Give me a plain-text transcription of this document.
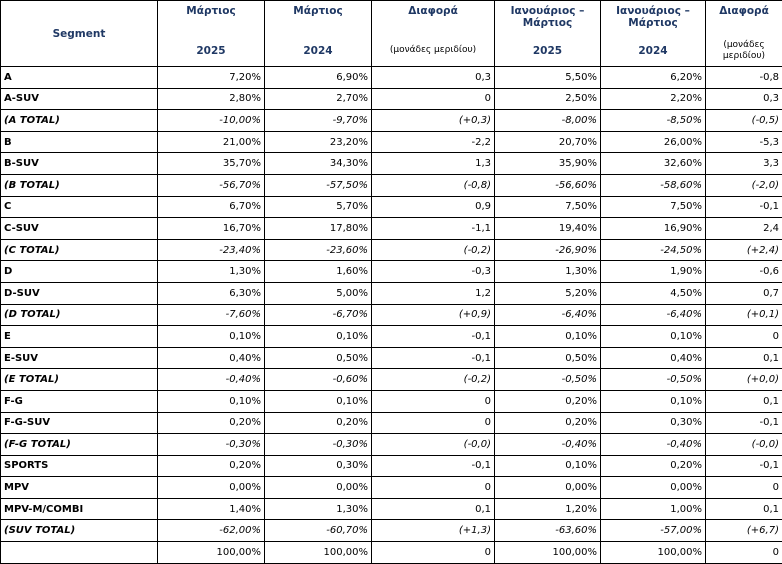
Segment	Μάρτιος	Μάρτιος	Διαφορά	Ιανουάριος – Μάρτιος	Ιανουάριος – Μάρτιος	Διαφορά
	2025	2024	(μονάδες μεριδίου)	2025	2024	(μονάδες μεριδίου)
A	7,20%	6,90%	0,3	5,50%	6,20%	-0,8
A-SUV	2,80%	2,70%	0	2,50%	2,20%	0,3
(A TOTAL)	-10,00%	-9,70%	(+0,3)	-8,00%	-8,50%	(-0,5)
B	21,00%	23,20%	-2,2	20,70%	26,00%	-5,3
B-SUV	35,70%	34,30%	1,3	35,90%	32,60%	3,3
(B TOTAL)	-56,70%	-57,50%	(-0,8)	-56,60%	-58,60%	(-2,0)
C	6,70%	5,70%	0,9	7,50%	7,50%	-0,1
C-SUV	16,70%	17,80%	-1,1	19,40%	16,90%	2,4
(C TOTAL)	-23,40%	-23,60%	(-0,2)	-26,90%	-24,50%	(+2,4)
D	1,30%	1,60%	-0,3	1,30%	1,90%	-0,6
D-SUV	6,30%	5,00%	1,2	5,20%	4,50%	0,7
(D TOTAL)	-7,60%	-6,70%	(+0,9)	-6,40%	-6,40%	(+0,1)
E	0,10%	0,10%	-0,1	0,10%	0,10%	0
E-SUV	0,40%	0,50%	-0,1	0,50%	0,40%	0,1
(E TOTAL)	-0,40%	-0,60%	(-0,2)	-0,50%	-0,50%	(+0,0)
F-G	0,10%	0,10%	0	0,20%	0,10%	0,1
F-G-SUV	0,20%	0,20%	0	0,20%	0,30%	-0,1
(F-G TOTAL)	-0,30%	-0,30%	(-0,0)	-0,40%	-0,40%	(-0,0)
SPORTS	0,20%	0,30%	-0,1	0,10%	0,20%	-0,1
MPV	0,00%	0,00%	0	0,00%	0,00%	0
MPV-M/COMBI	1,40%	1,30%	0,1	1,20%	1,00%	0,1
(SUV TOTAL)	-62,00%	-60,70%	(+1,3)	-63,60%	-57,00%	(+6,7)
	100,00%	100,00%	0	100,00%	100,00%	0
